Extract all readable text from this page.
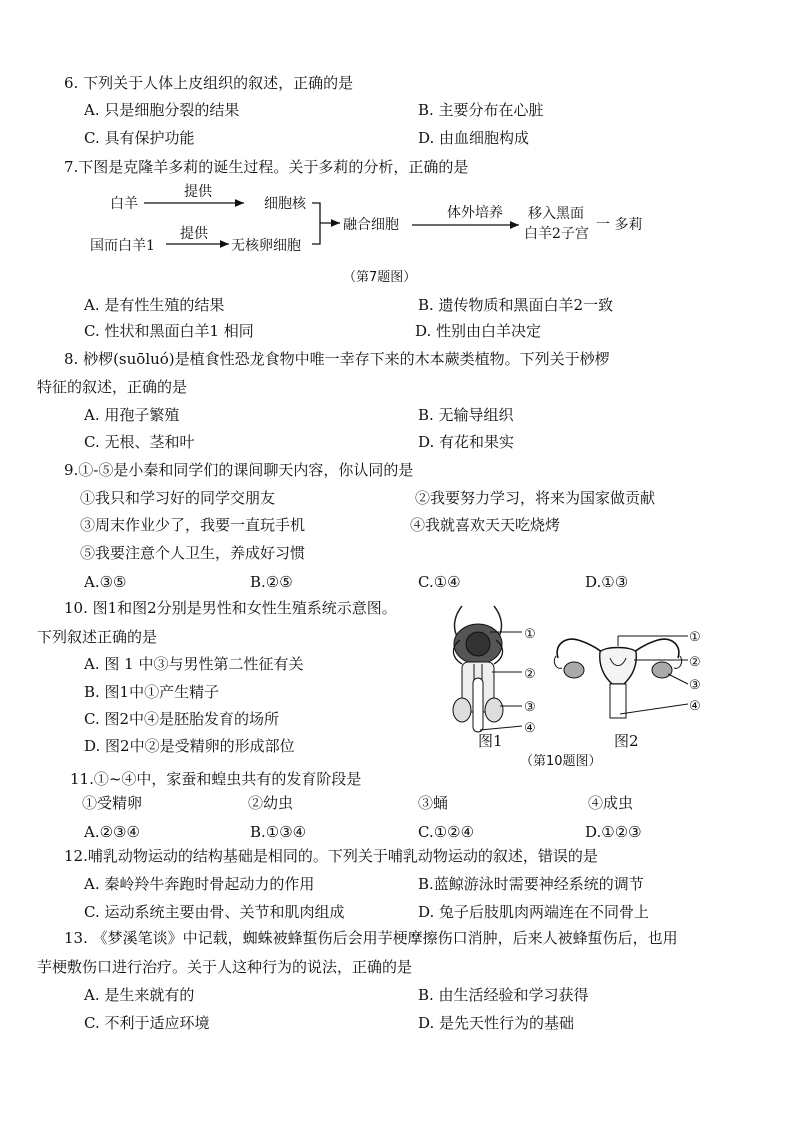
6. 下列关于人体上皮组织的叙述，正确的是
A. 只是细胞分裂的结果	B. 主要分布在心脏
C. 具有保护功能	D. 由血细胞构成
7.下图是克隆羊多莉的诞生过程。关于多莉的分析，正确的是
白羊
提供
细胞核
国而白羊1
提供
无核卵细胞
融合细胞
体外培养 移入黑面
白羊2子宫
一 多莉
（第7题图）
A. 是有性生殖的结果	B. 遗传物质和黑面白羊2一致
C. 性状和黑面白羊1 相同	D. 性别由白羊决定
8. 桫椤(suōluó)是植食性恐龙食物中唯一幸存下来的木本蕨类植物。下列关于桫椤
特征的叙述，正确的是
A. 用孢子繁殖	B. 无输导组织
C. 无根、茎和叶	D. 有花和果实
9.①-⑤是小秦和同学们的课间聊天内容，你认同的是
①我只和学习好的同学交朋友	②我要努力学习，将来为国家做贡献
③周末作业少了，我要一直玩手机	④我就喜欢天天吃烧烤
⑤我要注意个人卫生，养成好习惯
A.③⑤	B.②⑤	C.①④	D.①③
10. 图1和图2分别是男性和女性生殖系统示意图。
下列叙述正确的是
A. 图 1 中③与男性第二性征有关
B. 图1中①产生精子
C. 图2中④是胚胎发育的场所
D. 图2中②是受精卵的形成部位
①
②
③
④
图1
①
②
③
④
图2
（第10题图）
11.①~④中，家蚕和蝗虫共有的发育阶段是
①受精卵	②幼虫	③蛹	④成虫
A.②③④	B.①③④	C.①②④	D.①②③
12.哺乳动物运动的结构基础是相同的。下列关于哺乳动物运动的叙述，错误的是
A. 秦岭羚牛奔跑时骨起动力的作用	B.蓝鲸游泳时需要神经系统的调节
C. 运动系统主要由骨、关节和肌肉组成	D. 兔子后肢肌肉两端连在不同骨上
13. 《梦溪笔谈》中记载，蜘蛛被蜂蜇伤后会用芋梗摩擦伤口消肿，后来人被蜂蜇伤后，也用
芋梗敷伤口进行治疗。关于人这种行为的说法，正确的是
A. 是生来就有的	B. 由生活经验和学习获得
C. 不利于适应环境	D. 是先天性行为的基础
